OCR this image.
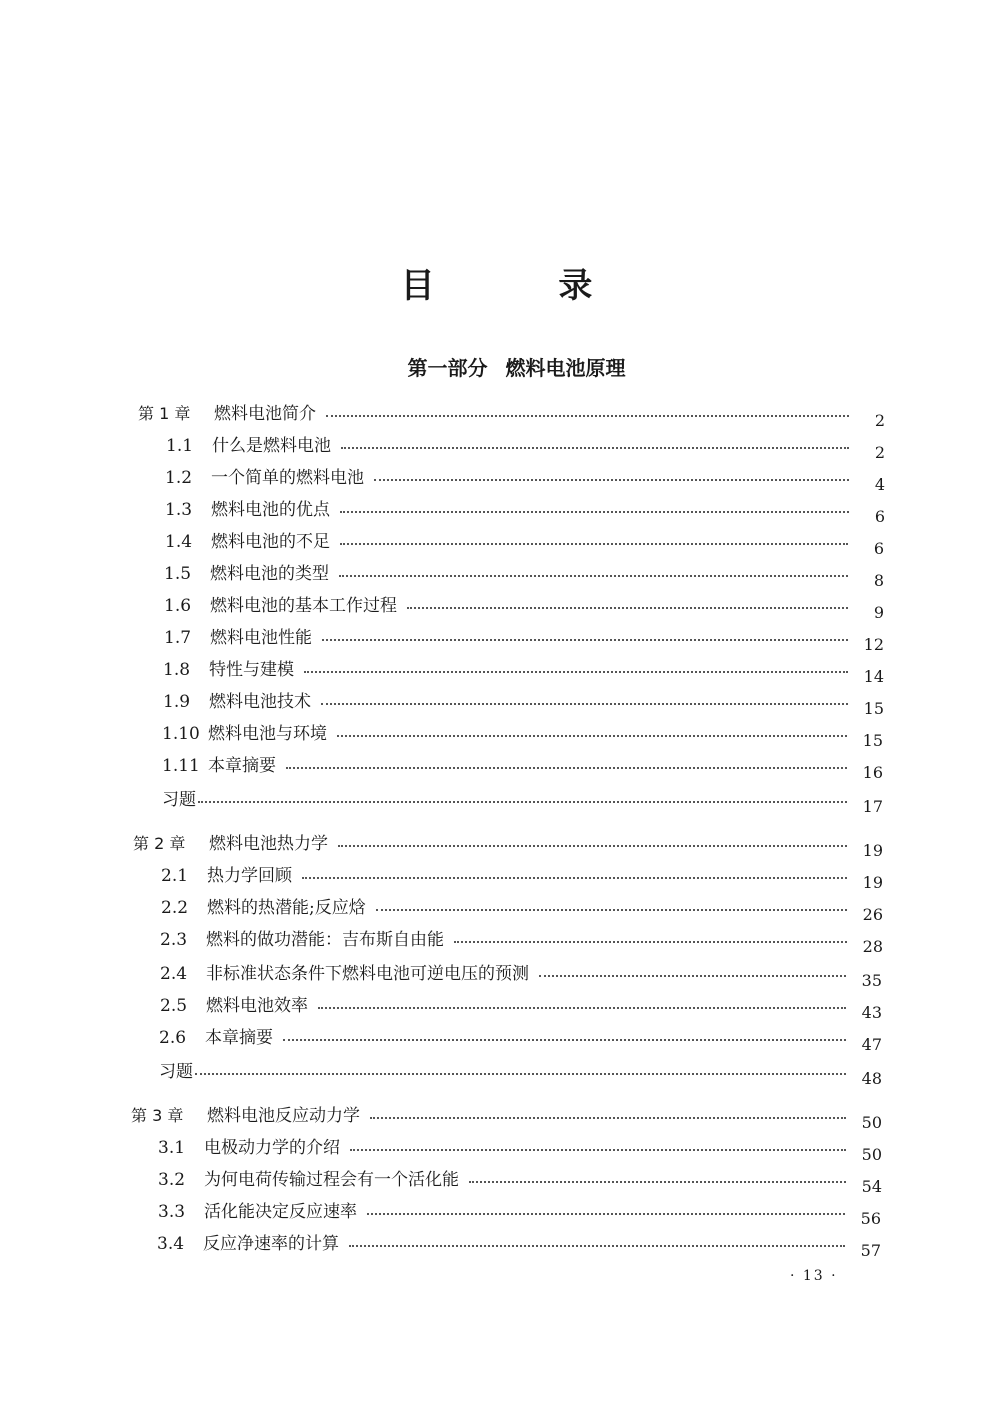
目 录
第一部分 燃料电池原理
第 1 章	燃料电池简介	2
1.1	什么是燃料电池	2
1.2	一个简单的燃料电池	4
1.3	燃料电池的优点	6
1.4	燃料电池的不足	6
1.5	燃料电池的类型	8
1.6	燃料电池的基本工作过程	9
1.7	燃料电池性能	12
1.8	特性与建模	14
1.9	燃料电池技术	15
1.10 燃料电池与环境	15
1.11 本章摘要	16
习题	17
第 2 章	燃料电池热力学	19
2.1	热力学回顾	19
2.2	燃料的热潜能;反应焓	26
2.3	燃料的做功潜能：吉布斯自由能	28
2.4	非标准状态条件下燃料电池可逆电压的预测	35
2.5	燃料电池效率	43
2.6	本章摘要	47
习题	48
第 3 章	燃料电池反应动力学	50
3.1	电极动力学的介绍	50
3.2	为何电荷传输过程会有一个活化能	54
3.3	活化能决定反应速率	56
3.4	反应净速率的计算	57
· 13 ·
